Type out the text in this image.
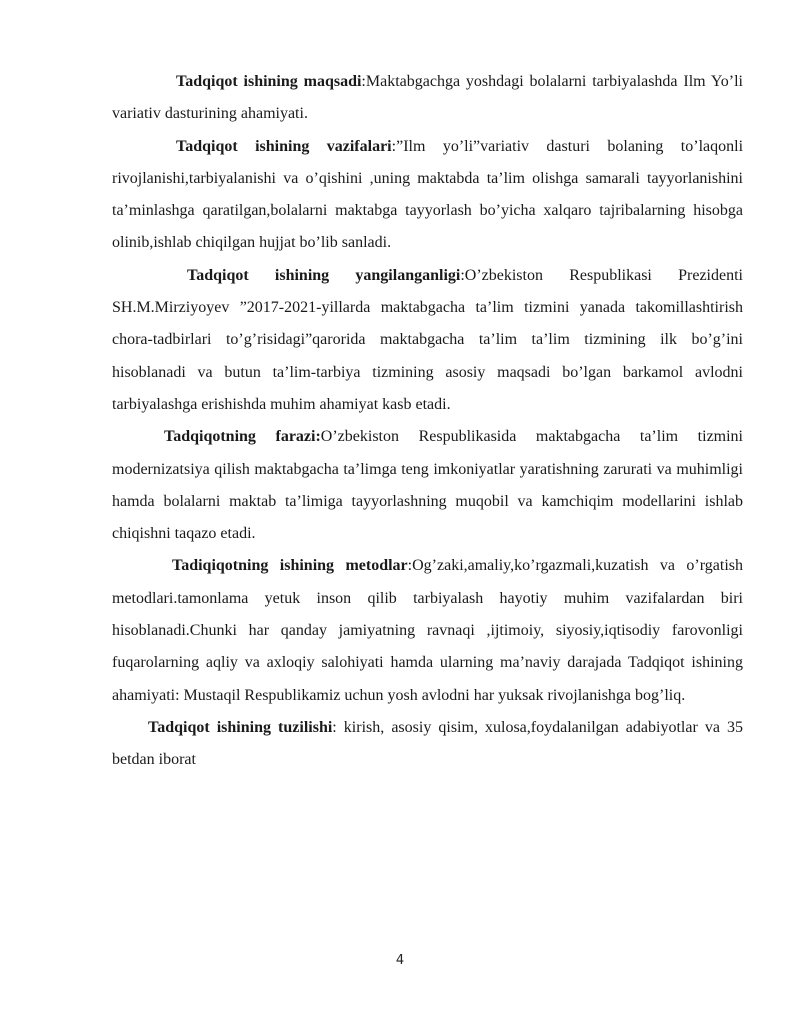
Tadqiqot ishining maqsadi:Maktabgachga yoshdagi bolalarni tarbiyalashda Ilm Yo’li variativ dasturining ahamiyati.

Tadqiqot ishining vazifalari:”Ilm yo’li”variativ dasturi bolaning to’laqonli rivojlanishi,tarbiyalanishi va o’qishini ,uning maktabda ta’lim olishga samarali tayyorlanishini ta’minlashga qaratilgan,bolalarni maktabga tayyorlash bo’yicha xalqaro tajribalarning hisobga olinib,ishlab chiqilgan hujjat bo’lib sanladi.

Tadqiqot ishining yangilanganligi:O’zbekiston Respublikasi Prezidenti SH.M.Mirziyoyev ”2017-2021-yillarda maktabgacha ta’lim tizmini yanada takomillashtirish chora-tadbirlari to’g’risidagi”qarorida maktabgacha ta’lim ta’lim tizmining ilk bo’g’ini hisoblanadi va butun ta’lim-tarbiya tizmining asosiy maqsadi bo’lgan barkamol avlodni tarbiyalashga erishishda muhim ahamiyat kasb etadi.

Tadqiqotning farazi:O’zbekiston Respublikasida maktabgacha ta’lim tizmini modernizatsiya qilish maktabgacha ta’limga teng imkoniyatlar yaratishning zarurati va muhimligi hamda bolalarni maktab ta’limiga tayyorlashning muqobil va kamchiqim modellarini ishlab chiqishni taqazo etadi.

Tadiqiqotning ishining metodlar:Og’zaki,amaliy,ko’rgazmali,kuzatish va o’rgatish metodlari.tamonlama yetuk inson qilib tarbiyalash hayotiy muhim vazifalardan biri hisoblanadi.Chunki har qanday jamiyatning ravnaqi ,ijtimoiy, siyosiy,iqtisodiy farovonligi fuqarolarning aqliy va axloqiy salohiyati hamda ularning ma’naviy darajada Tadqiqot ishining ahamiyati: Mustaqil Respublikamiz uchun yosh avlodni har yuksak rivojlanishga bog’liq.

Tadqiqot ishining tuzilishi: kirish, asosiy qisim, xulosa,foydalanilgan adabiyotlar va 35 betdan iborat

4
